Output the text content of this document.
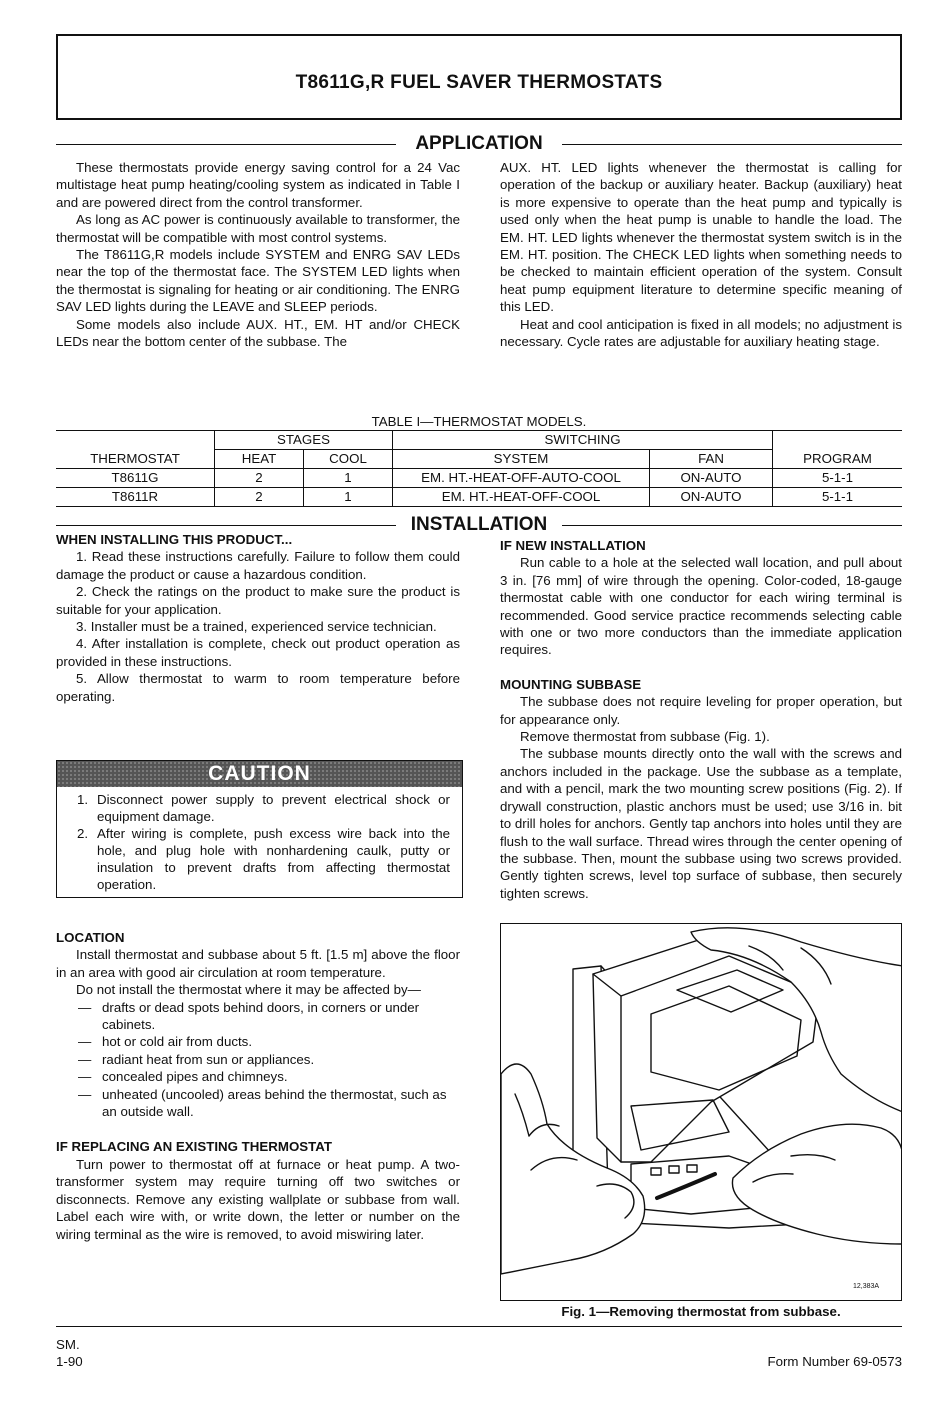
T8611G,R FUEL SAVER THERMOSTATS
APPLICATION

These thermostats provide energy saving control for a 24 Vac multistage heat pump heating/cooling system as indicated in Table I and are powered direct from the control transformer.

As long as AC power is continuously available to transformer, the thermostat will be compatible with most control systems.

The T8611G,R models include SYSTEM and ENRG SAV LEDs near the top of the thermostat face. The SYSTEM LED lights when the thermostat is signaling for heating or air conditioning. The ENRG SAV LED lights during the LEAVE and SLEEP periods.

Some models also include AUX. HT., EM. HT and/or CHECK LEDs near the bottom center of the subbase. The

AUX. HT. LED lights whenever the thermostat is calling for operation of the backup or auxiliary heater. Backup (auxiliary) heat is more expensive to operate than the heat pump and typically is used only when the heat pump is unable to handle the load. The EM. HT. LED lights whenever the thermostat system switch is in the EM. HT. position. The CHECK LED lights when something needs to be checked to maintain efficient operation of the system. Consult heat pump equipment literature to determine specific meaning of this LED.

Heat and cool anticipation is fixed in all models; no adjustment is necessary. Cycle rates are adjustable for auxiliary heating stage.

TABLE I—THERMOSTAT MODELS.
	STAGES		SWITCHING		
THERMOSTAT	HEAT	COOL	SYSTEM	FAN	PROGRAM
T8611G	2	1	EM. HT.-HEAT-OFF-AUTO-COOL	ON-AUTO	5-1-1
T8611R	2	1	EM. HT.-HEAT-OFF-COOL	ON-AUTO	5-1-1
INSTALLATION
WHEN INSTALLING THIS PRODUCT...
1. Read these instructions carefully. Failure to follow them could damage the product or cause a hazardous condition.
2. Check the ratings on the product to make sure the product is suitable for your application.
3. Installer must be a trained, experienced service technician.
4. After installation is complete, check out product operation as provided in these instructions.
5. Allow thermostat to warm to room temperature before operating.
CAUTION
1. Disconnect power supply to prevent electrical shock or equipment damage.
2. After wiring is complete, push excess wire back into the hole, and plug hole with nonhardening caulk, putty or insulation to prevent drafts from affecting thermostat operation.
LOCATION

Install thermostat and subbase about 5 ft. [1.5 m] above the floor in an area with good air circulation at room temperature.

Do not install the thermostat where it may be affected by—

— drafts or dead spots behind doors, in corners or under cabinets.
— hot or cold air from ducts.
— radiant heat from sun or appliances.
— concealed pipes and chimneys.
— unheated (uncooled) areas behind the thermostat, such as an outside wall.
IF REPLACING AN EXISTING THERMOSTAT

Turn power to thermostat off at furnace or heat pump. A two-transformer system may require turning off two switches or disconnects. Remove any existing wallplate or subbase from wall. Label each wire with, or write down, the letter or number on the wiring terminal as the wire is removed, to avoid miswiring later.

IF NEW INSTALLATION

Run cable to a hole at the selected wall location, and pull about 3 in. [76 mm] of wire through the opening. Color-coded, 18-gauge thermostat cable with one conductor for each wiring terminal is recommended. Good service practice recommends selecting cable with one or two more conductors than the immediate application requires.

MOUNTING SUBBASE

The subbase does not require leveling for proper operation, but for appearance only.

Remove thermostat from subbase (Fig. 1).

The subbase mounts directly onto the wall with the screws and anchors included in the package. Use the subbase as a template, and with a pencil, mark the two mounting screw positions (Fig. 2). If drywall construction, plastic anchors must be used; use 3/16 in. bit to drill holes for anchors. Gently tap anchors into holes until they are flush to the wall surface. Thread wires through the center opening of the subbase. Then, mount the subbase using two screws provided. Gently tighten screws, level top surface of subbase, then securely tighten screws.

12,383A
Fig. 1—Removing thermostat from subbase.
SM.
1-90	Form Number 69-0573
